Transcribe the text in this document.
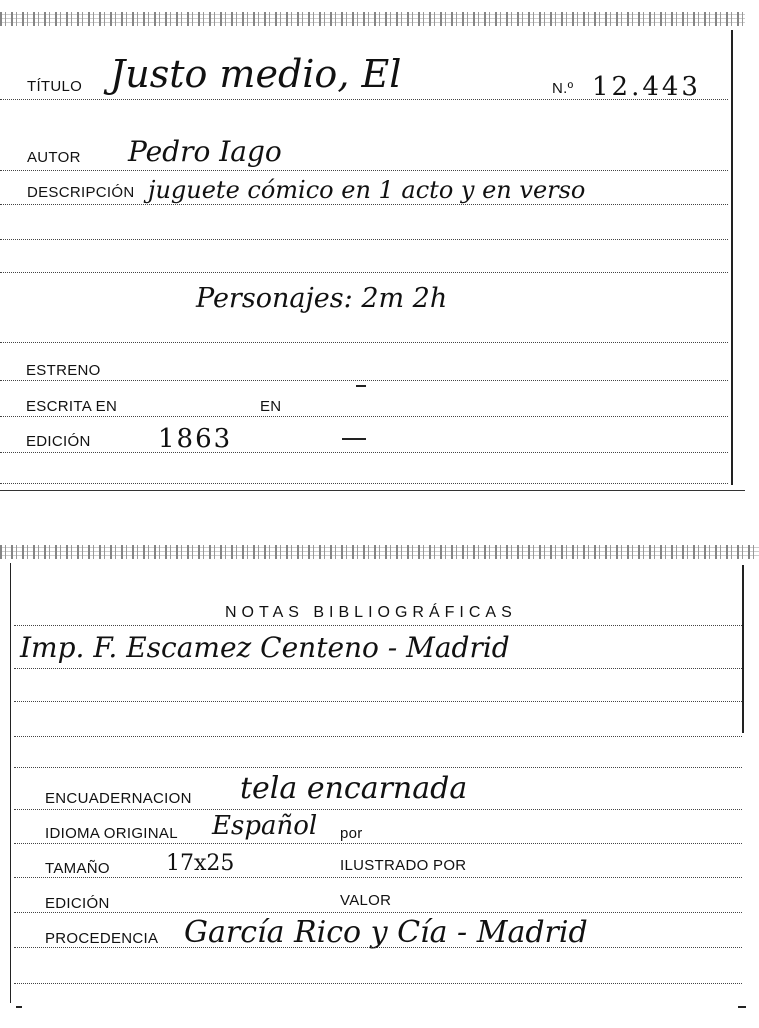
TÍTULO Justo medio, El	N.º 12.443
AUTOR Pedro Iago
DESCRIPCIÓN juguete cómico en 1 acto y en verso
Personajes: 2m 2h
ESTRENO
ESCRITA EN	EN
EDICIÓN	1863
NOTAS BIBLIOGRÁFICAS
Imp. F. Escamez Centeno - Madrid
ENCUADERNACION tela encarnada
IDIOMA ORIGINAL Español por
TAMAÑO	17x25	ILUSTRADO POR
EDICIÓN	VALOR
PROCEDENCIA García Rico y Cía - Madrid
